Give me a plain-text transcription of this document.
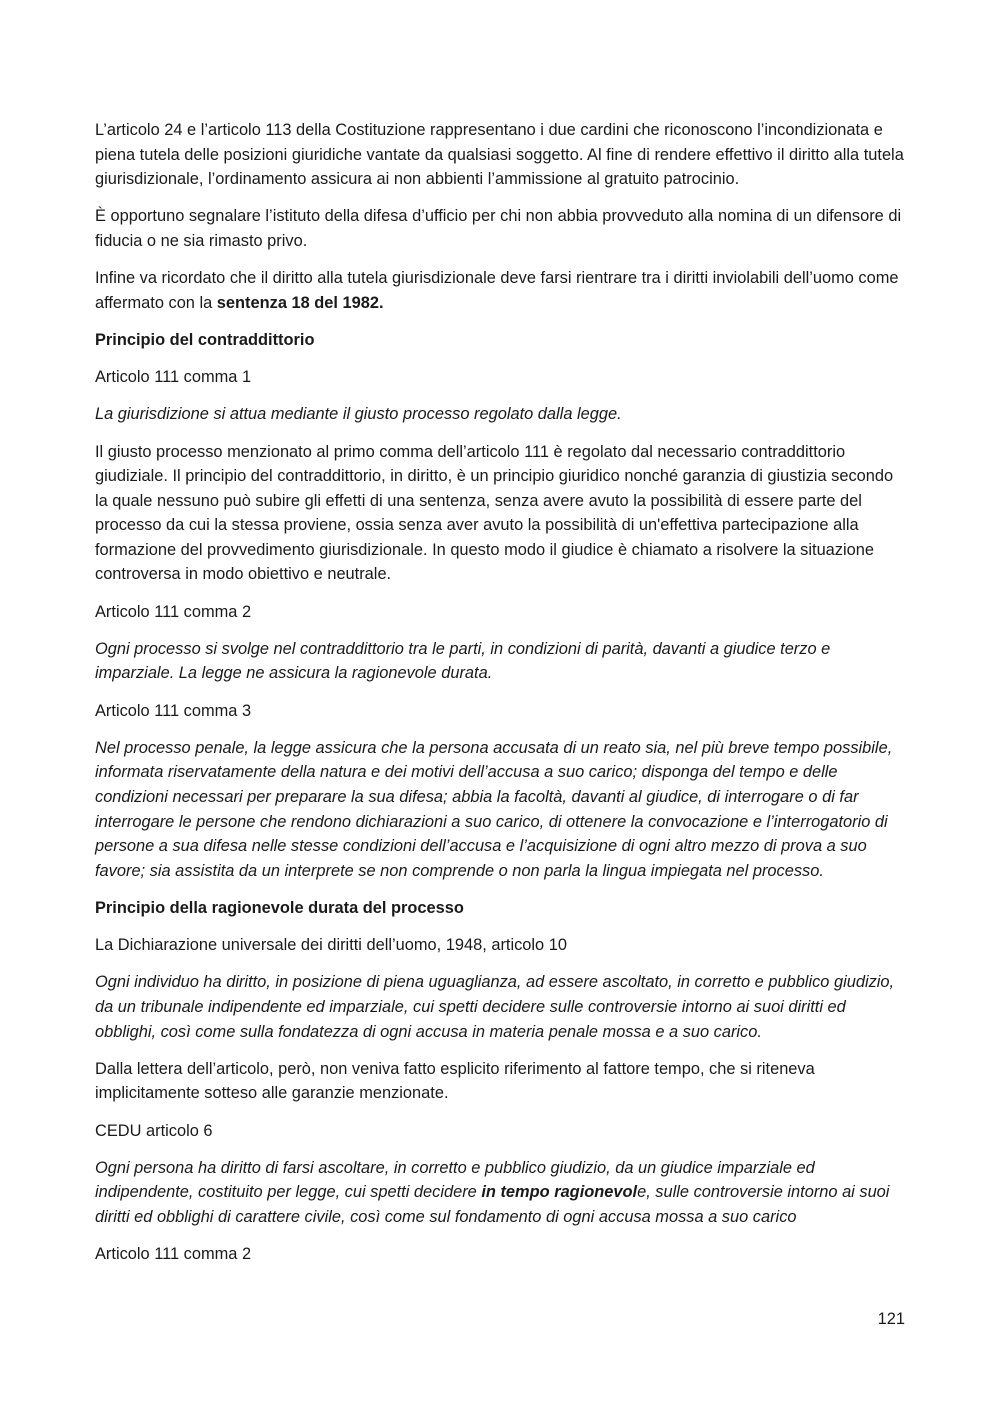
L’articolo 24 e l’articolo 113 della Costituzione rappresentano i due cardini che riconoscono l’incondizionata e piena tutela delle posizioni giuridiche vantate da qualsiasi soggetto. Al fine di rendere effettivo il diritto alla tutela giurisdizionale, l’ordinamento assicura ai non abbienti l’ammissione al gratuito patrocinio.

È opportuno segnalare l’istituto della difesa d’ufficio per chi non abbia provveduto alla nomina di un difensore di fiducia o ne sia rimasto privo.

Infine va ricordato che il diritto alla tutela giurisdizionale deve farsi rientrare tra i diritti inviolabili dell’uomo come affermato con la sentenza 18 del 1982.

Principio del contraddittorio

Articolo 111 comma 1

La giurisdizione si attua mediante il giusto processo regolato dalla legge.

Il giusto processo menzionato al primo comma dell’articolo 111 è regolato dal necessario contraddittorio giudiziale. Il principio del contraddittorio, in diritto, è un principio giuridico nonché garanzia di giustizia secondo la quale nessuno può subire gli effetti di una sentenza, senza avere avuto la possibilità di essere parte del processo da cui la stessa proviene, ossia senza aver avuto la possibilità di un'effettiva partecipazione alla formazione del provvedimento giurisdizionale. In questo modo il giudice è chiamato a risolvere la situazione controversa in modo obiettivo e neutrale.

Articolo 111 comma 2

Ogni processo si svolge nel contraddittorio tra le parti, in condizioni di parità, davanti a giudice terzo e imparziale. La legge ne assicura la ragionevole durata.

Articolo 111 comma 3

Nel processo penale, la legge assicura che la persona accusata di un reato sia, nel più breve tempo possibile, informata riservatamente della natura e dei motivi dell’accusa a suo carico; disponga del tempo e delle condizioni necessari per preparare la sua difesa; abbia la facoltà, davanti al giudice, di interrogare o di far interrogare le persone che rendono dichiarazioni a suo carico, di ottenere la convocazione e l’interrogatorio di persone a sua difesa nelle stesse condizioni dell’accusa e l’acquisizione di ogni altro mezzo di prova a suo favore; sia assistita da un interprete se non comprende o non parla la lingua impiegata nel processo.

Principio della ragionevole durata del processo

La Dichiarazione universale dei diritti dell’uomo, 1948, articolo 10

Ogni individuo ha diritto, in posizione di piena uguaglianza, ad essere ascoltato, in corretto e pubblico giudizio, da un tribunale indipendente ed imparziale, cui spetti decidere sulle controversie intorno ai suoi diritti ed obblighi, così come sulla fondatezza di ogni accusa in materia penale mossa e a suo carico.

Dalla lettera dell’articolo, però, non veniva fatto esplicito riferimento al fattore tempo, che si riteneva implicitamente sotteso alle garanzie menzionate.

CEDU articolo 6

Ogni persona ha diritto di farsi ascoltare, in corretto e pubblico giudizio, da un giudice imparziale ed indipendente, costituito per legge, cui spetti decidere in tempo ragionevole, sulle controversie intorno ai suoi diritti ed obblighi di carattere civile, così come sul fondamento di ogni accusa mossa a suo carico

Articolo 111 comma 2

121
